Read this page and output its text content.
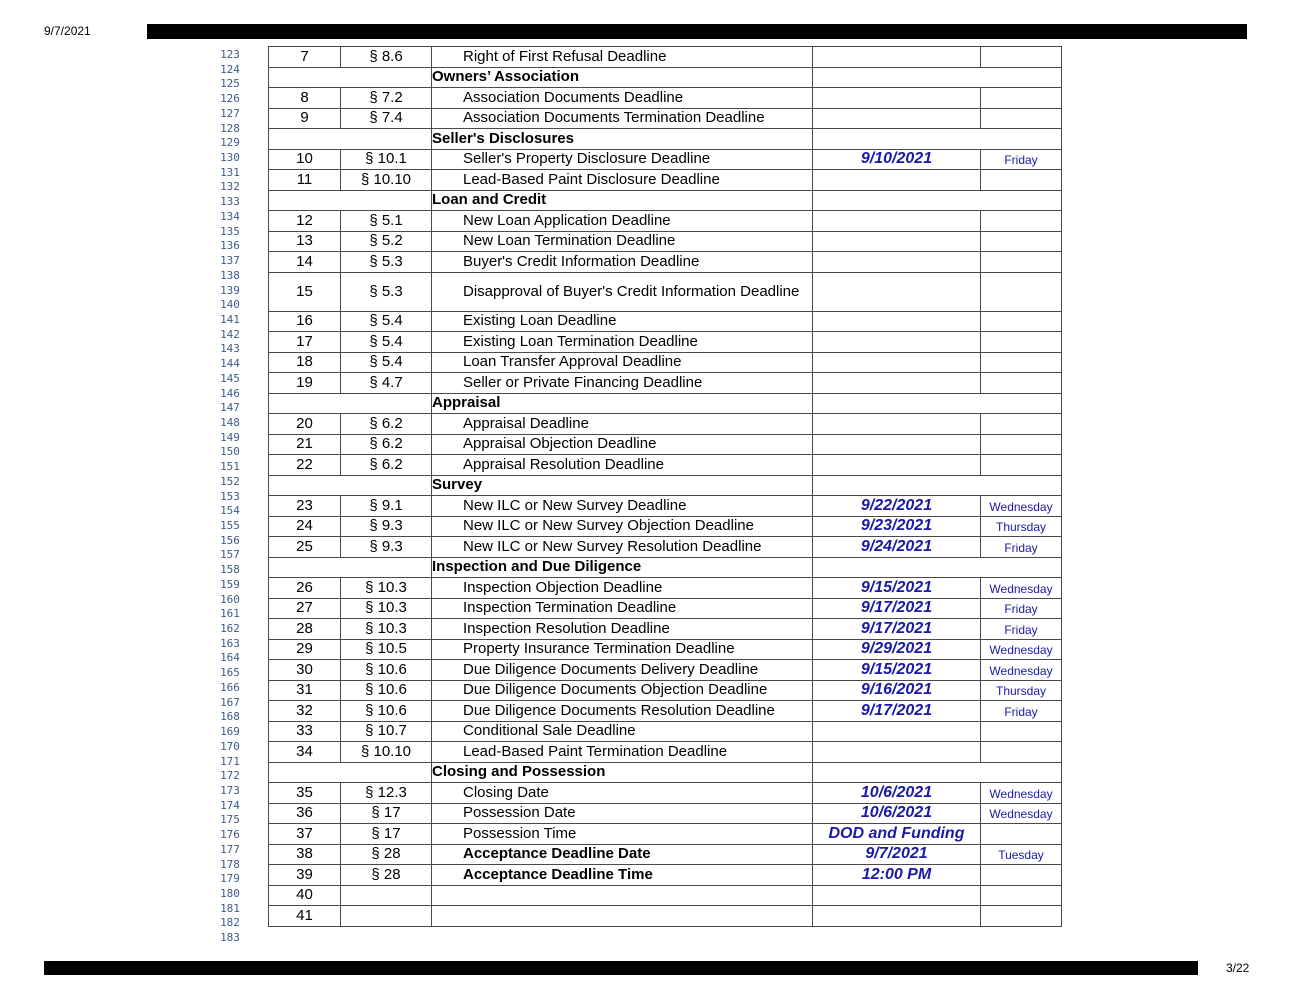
9/7/2021
123
124
125
126
127
128
129
130
131
132
133
134
135
136
137
138
139
140
141
142
143
144
145
146
147
148
149
150
151
152
153
154
155
156
157
158
159
160
161
162
163
164
165
166
167
168
169
170
171
172
173
174
175
176
177
178
179
180
181
182
183
7	§ 8.6	Right of First Refusal Deadline		
		Owners’ Association		
8	§ 7.2	Association Documents Deadline		
9	§ 7.4	Association Documents Termination Deadline		
		Seller's Disclosures		
10	§ 10.1	Seller's Property Disclosure Deadline	9/10/2021	Friday
11	§ 10.10	Lead-Based Paint Disclosure Deadline		
		Loan and Credit		
12	§ 5.1	New Loan Application Deadline		
13	§ 5.2	New Loan Termination Deadline		
14	§ 5.3	Buyer's Credit Information Deadline		
15	§ 5.3	Disapproval of Buyer's Credit Information Deadline		
16	§ 5.4	Existing Loan Deadline		
17	§ 5.4	Existing Loan Termination Deadline		
18	§ 5.4	Loan Transfer Approval Deadline		
19	§ 4.7	Seller or Private Financing Deadline		
		Appraisal		
20	§ 6.2	Appraisal Deadline		
21	§ 6.2	Appraisal Objection Deadline		
22	§ 6.2	Appraisal Resolution Deadline		
		Survey		
23	§ 9.1	New ILC or New Survey Deadline	9/22/2021	Wednesday
24	§ 9.3	New ILC or New Survey Objection Deadline	9/23/2021	Thursday
25	§ 9.3	New ILC or New Survey Resolution Deadline	9/24/2021	Friday
		Inspection and Due Diligence		
26	§ 10.3	Inspection Objection Deadline	9/15/2021	Wednesday
27	§ 10.3	Inspection Termination Deadline	9/17/2021	Friday
28	§ 10.3	Inspection Resolution Deadline	9/17/2021	Friday
29	§ 10.5	Property Insurance Termination Deadline	9/29/2021	Wednesday
30	§ 10.6	Due Diligence Documents Delivery Deadline	9/15/2021	Wednesday
31	§ 10.6	Due Diligence Documents Objection Deadline	9/16/2021	Thursday
32	§ 10.6	Due Diligence Documents Resolution Deadline	9/17/2021	Friday
33	§ 10.7	Conditional Sale Deadline		
34	§ 10.10	Lead-Based Paint Termination Deadline		
		Closing and Possession		
35	§ 12.3	Closing Date	10/6/2021	Wednesday
36	§ 17	Possession Date	10/6/2021	Wednesday
37	§ 17	Possession Time	DOD and Funding	
38	§ 28	Acceptance Deadline Date	9/7/2021	Tuesday
39	§ 28	Acceptance Deadline Time	12:00 PM	
40				
41				
3/22
